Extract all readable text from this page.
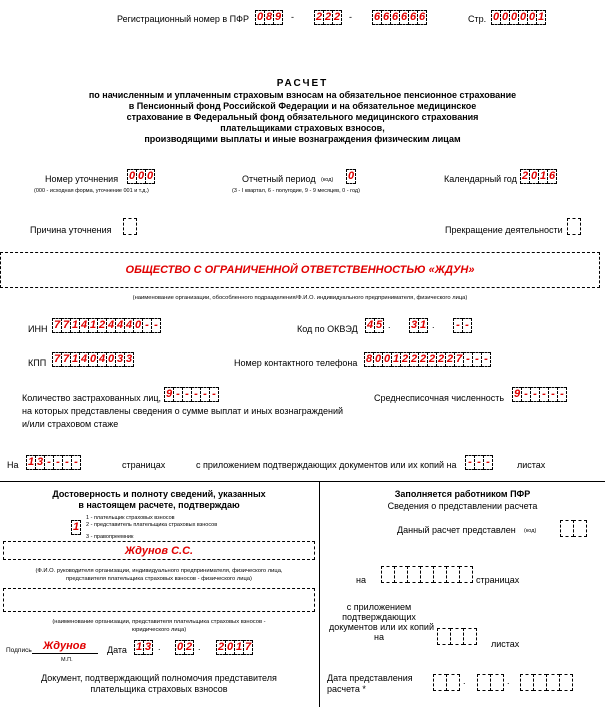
Регистрационный номер в ПФР 0 8 9 - 2 2 2 - 6 6 6 6 6 6	Стр. 0 0 0 0 0 1
РАСЧЕТ
по начисленным и уплаченным страховым взносам на обязательное пенсионное страхование
в Пенсионный фонд Российской Федерации и на обязательное медицинское
страхование в Федеральный фонд обязательного медицинского страхования
плательщиками страховых взносов,
производящими выплаты и иные вознаграждения физическим лицам
Номер уточнения 0 0 0
(000 - исходная форма, уточнение 001 и т.д.)
Отчетный период (код) 0
(3 - I квартал, 6 - полугодие, 9 - 9 месяцев, 0 - год)
Календарный год 2 0 1 6
Причина уточнения	Прекращение деятельности
ОБЩЕСТВО С ОГРАНИЧЕННОЙ ОТВЕТСТВЕННОСТЬЮ «ЖДУН»
(наименование организации, обособленного подразделения/Ф.И.О. индивидуального предпринимателя, физического лица)
ИНН 7 7 1 4 1 2 4 4 4 0 - -	Код по ОКВЭД 4 5 . 3 1 . - -
КПП 7 7 1 4 0 4 0 3 3	Номер контактного телефона 8 0 0 1 2 2 2 2 2 2 7 - - -
Количество застрахованных лиц,
на которых представлены сведения о сумме выплат и иных вознаграждений
и/или страховом стаже
9 - - - - -	Среднесписочная численность 9 - - - - -
На 1 3 - - - -	страницах	с приложением подтверждающих документов или их копий на - - -	листах
Достоверность и полноту сведений, указанных
в настоящем расчете, подтверждаю
1 - плательщик страховых взносов
2 - представитель плательщика страховых взносов
3 - правопреемник
1
Ждунов С.С.
(Ф.И.О. руководителя организации, индивидуального предпринимателя, физического лица,
представителя плательщика страховых взносов - физического лица)
(наименование организации, представителя плательщика страховых взносов -
юридического лица)
Подпись Ждунов
М.П.
Дата 1 3 . 0 2 . 2 0 1 7
Документ, подтверждающий полномочия представителя
плательщика страховых взносов
Заполняется работником ПФР
Сведения о представлении расчета
Данный расчет представлен (код)
на	страницах
с приложением
подтверждающих
документов или их копий
на
листах
Дата представления
расчета *
.	.
